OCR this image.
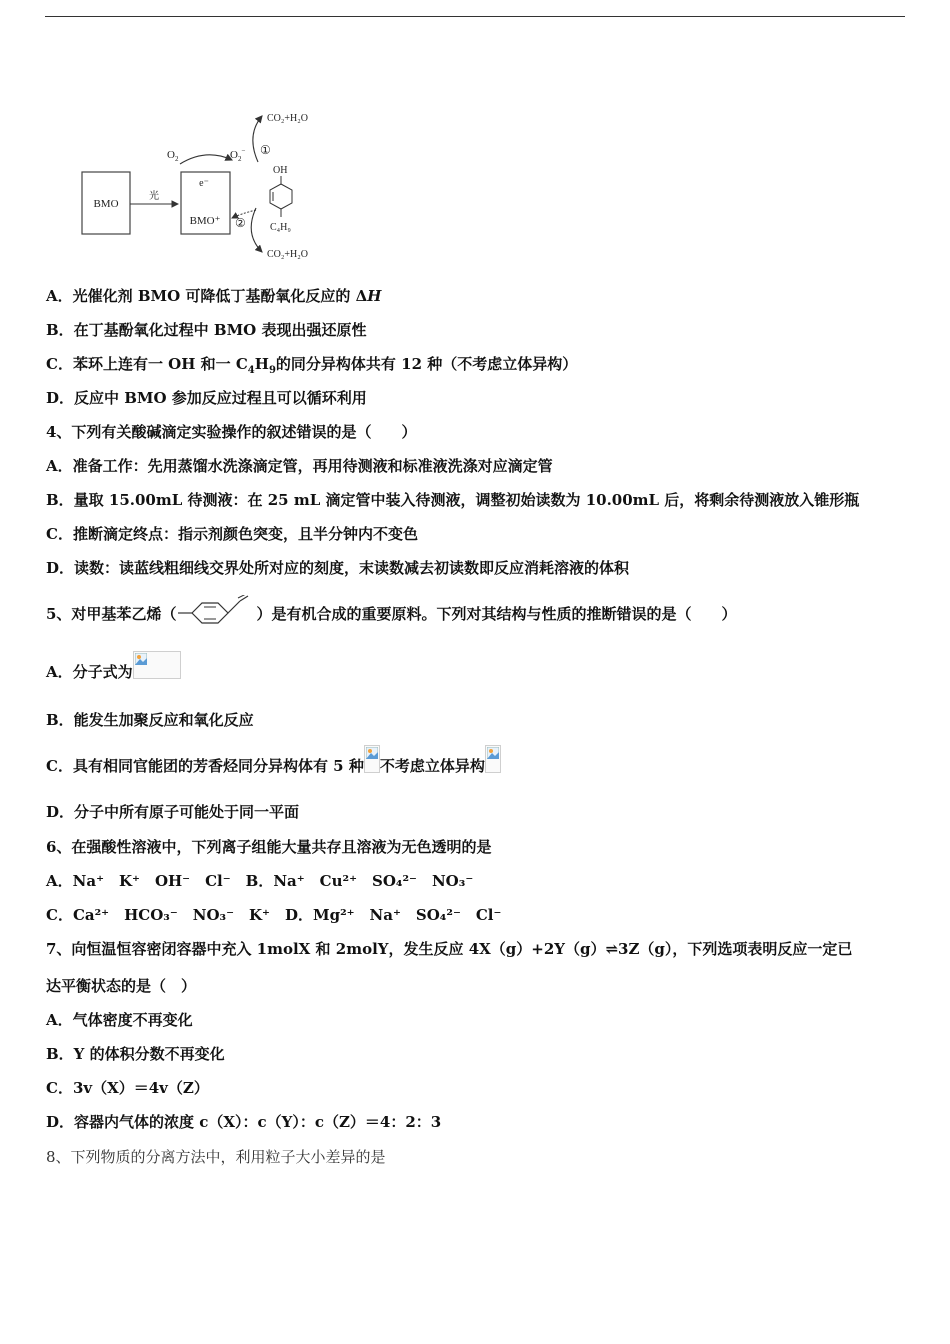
BMO
光
BMO⁺
e⁻
$O_2$	$O_2^-$
CO₂+H₂O
①
OH
C₄H₉
②
CO₂+H₂O
A．光催化剂 BMO 可降低丁基酚氧化反应的 ΔH
B．在丁基酚氧化过程中 BMO 表现出强还原性
C．苯环上连有一 OH 和一 $C_4H_9$的同分异构体共有 12 种（不考虑立体异构）
D．反应中 BMO 参加反应过程且可以循环利用
4、下列有关酸碱滴定实验操作的叙述错误的是（　　）
A．准备工作：先用蒸馏水洗涤滴定管，再用待测液和标准液洗涤对应滴定管
B．量取 15.00mL 待测液：在 25 mL 滴定管中装入待测液，调整初始读数为 10.00mL 后，将剩余待测液放入锥形瓶
C．推断滴定终点：指示剂颜色突变，且半分钟内不变色
D．读数：读蓝线粗细线交界处所对应的刻度，末读数减去初读数即反应消耗溶液的体积
5、对甲基苯乙烯（	）是有机合成的重要原料。下列对其结构与性质的推断错误的是（　　）
A．分子式为
B．能发生加聚反应和氧化反应
C．具有相同官能团的芳香烃同分异构体有 5 种 不考虑立体异构
D．分子中所有原子可能处于同一平面
6、在强酸性溶液中，下列离子组能大量共存且溶液为无色透明的是
A．Na⁺　K⁺　OH⁻　Cl⁻　B．Na⁺　Cu²⁺　SO₄²⁻　NO₃⁻
C．Ca²⁺　HCO₃⁻　NO₃⁻　K⁺　D．Mg²⁺　Na⁺　SO₄²⁻　Cl⁻
7、向恒温恒容密闭容器中充入 1molX 和 2molY，发生反应 4X（g）+2Y（g）⇌3Z（g），下列选项表明反应一定已
达平衡状态的是（　）
A．气体密度不再变化
B．Y 的体积分数不再变化
C．3v（X）＝4v（Z）
D．容器内气体的浓度 c（X）：c（Y）：c（Z）＝4：2：3
8、下列物质的分离方法中，利用粒子大小差异的是
